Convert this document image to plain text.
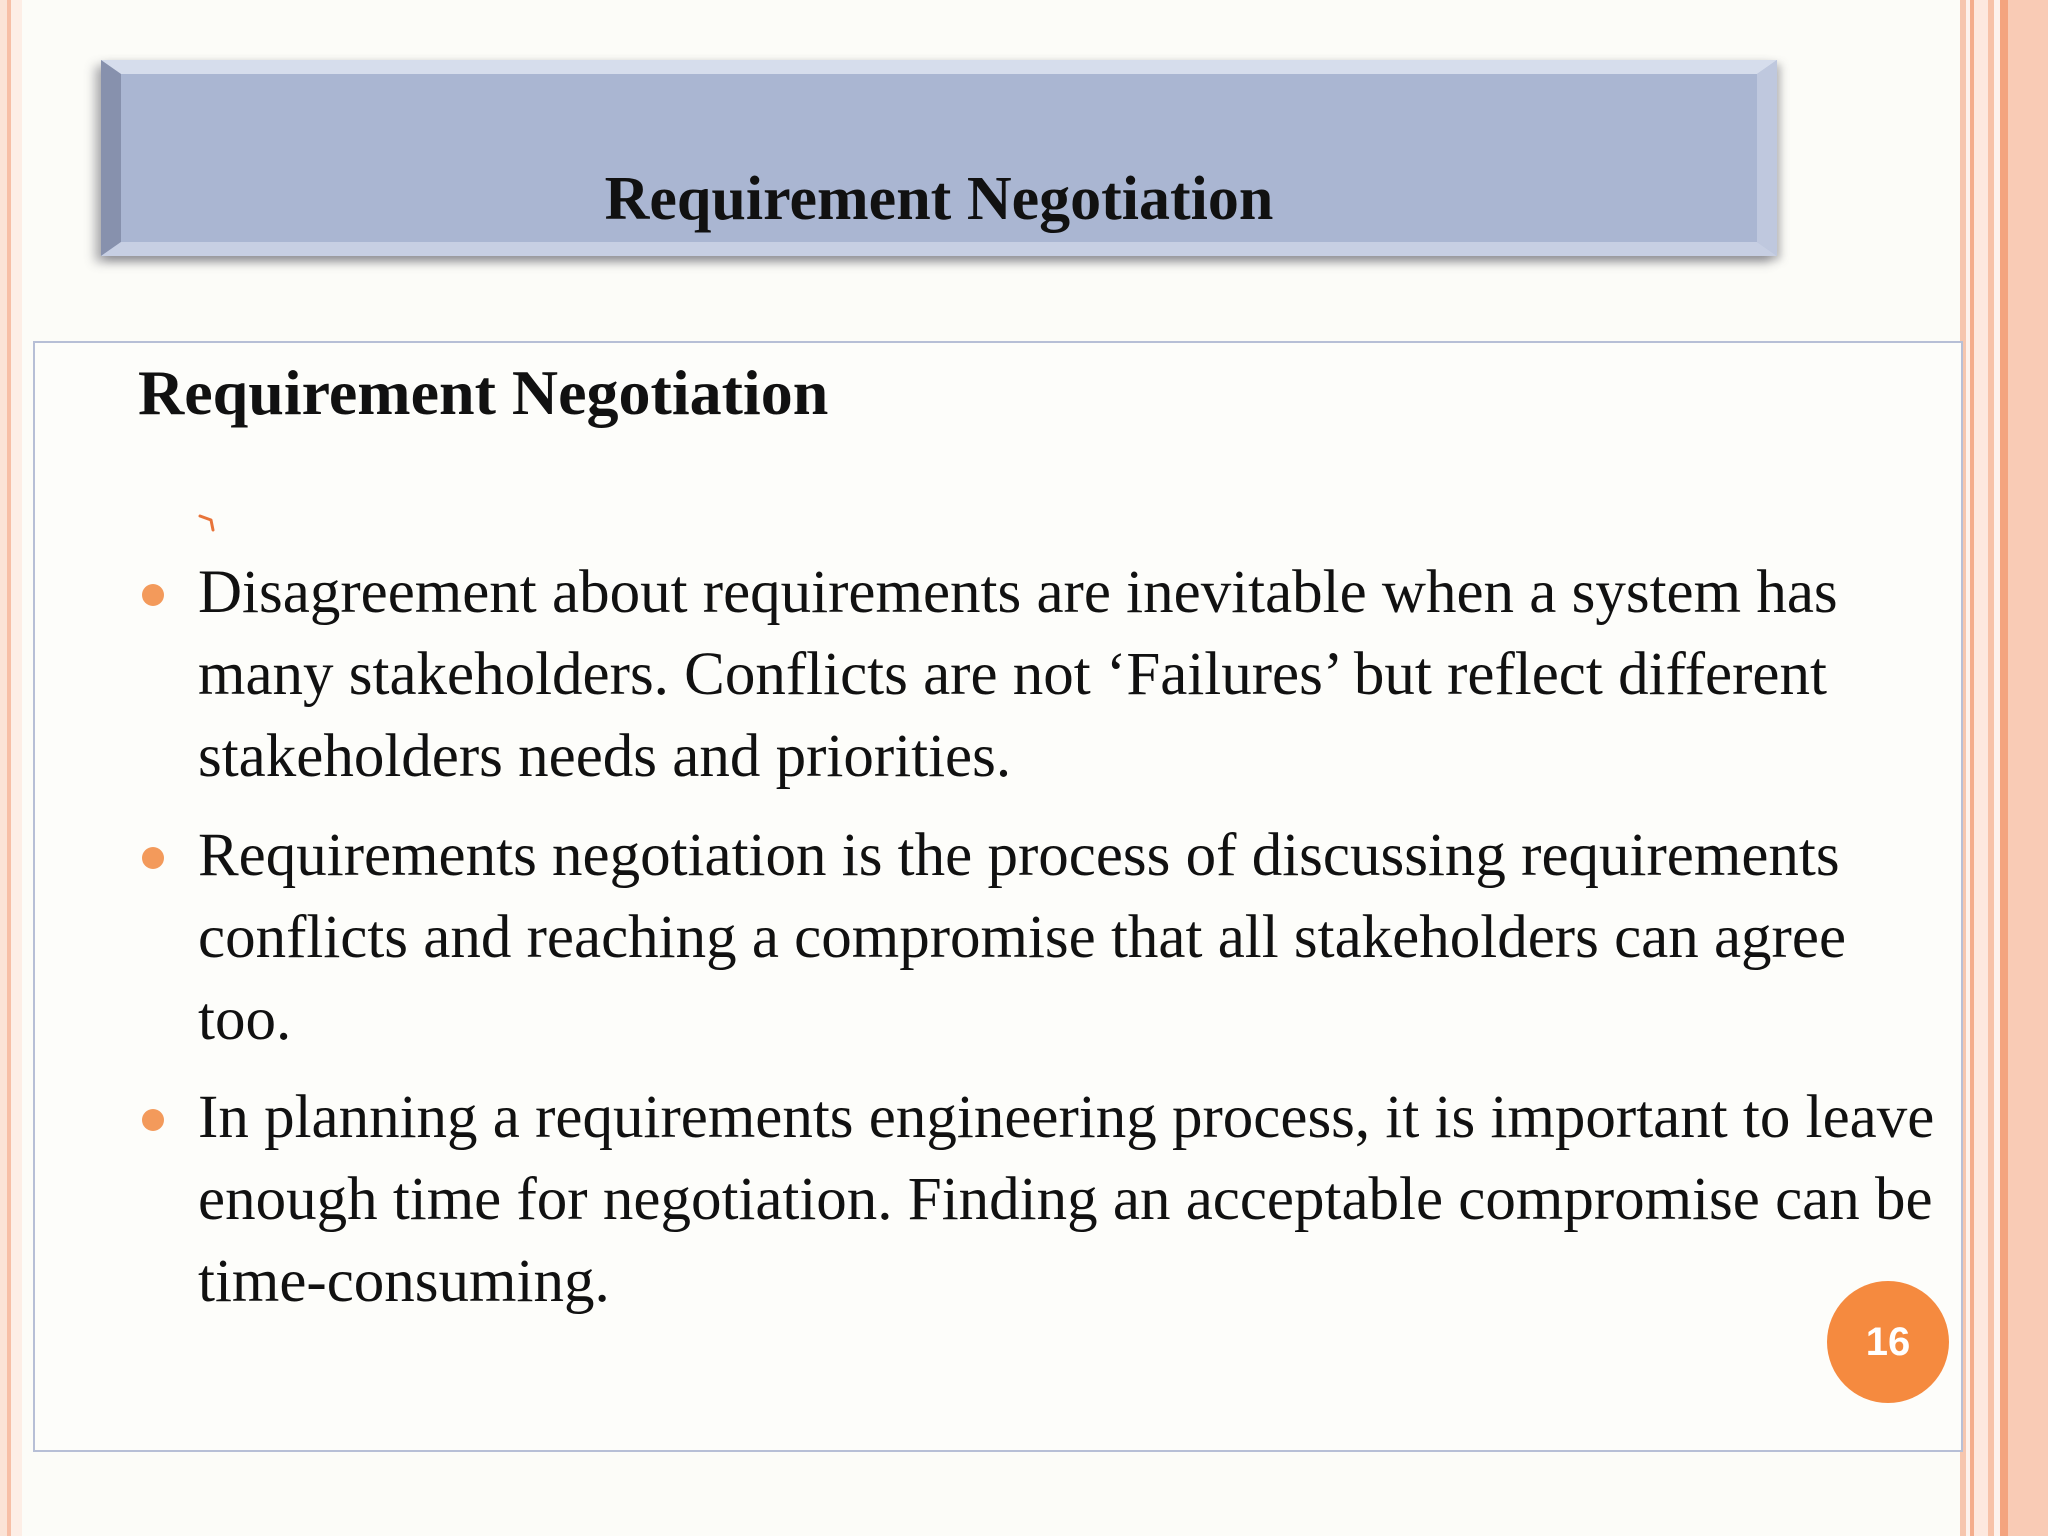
Requirement Negotiation
Requirement Negotiation
Disagreement about requirements are inevitable when a system has many stakeholders. Conflicts are not ‘Failures’ but reflect different stakeholders needs and priorities.
Requirements negotiation is the process of discussing requirements conflicts and reaching a compromise that all stakeholders can agree too.
In planning a requirements engineering process, it is important to leave enough time for negotiation. Finding an acceptable compromise can be time-consuming.
16
